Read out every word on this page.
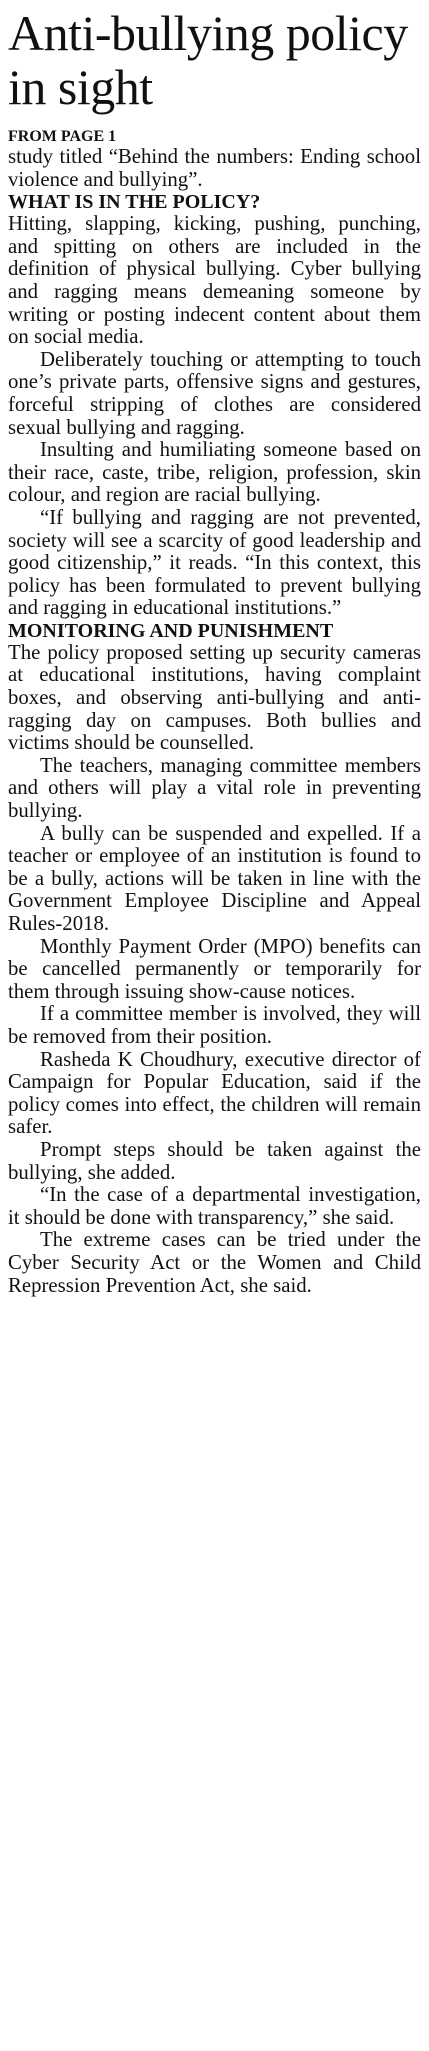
Anti-bullying policy in sight

FROM PAGE 1

study titled “Behind the numbers: Ending school violence and bullying”.

WHAT IS IN THE POLICY?

Hitting, slapping, kicking, pushing, punching, and spitting on others are included in the definition of physical bullying. Cyber bullying and ragging means demeaning someone by writing or posting indecent content about them on social media.

Deliberately touching or attempting to touch one’s private parts, offensive signs and gestures, forceful stripping of clothes are considered sexual bullying and ragging.

Insulting and humiliating someone based on their race, caste, tribe, religion, profession, skin colour, and region are racial bullying.

“If bullying and ragging are not prevented, society will see a scarcity of good leadership and good citizenship,” it reads. “In this context, this policy has been formulated to prevent bullying and ragging in educational institutions.”

MONITORING AND PUNISHMENT

The policy proposed setting up security cameras at educational institutions, having complaint boxes, and observing anti-bullying and anti-ragging day on campuses. Both bullies and victims should be counselled.

The teachers, managing committee members and others will play a vital role in preventing bullying.

A bully can be suspended and expelled. If a teacher or employee of an institution is found to be a bully, actions will be taken in line with the Government Employee Discipline and Appeal Rules-2018.

Monthly Payment Order (MPO) benefits can be cancelled permanently or temporarily for them through issuing show-cause notices.

If a committee member is involved, they will be removed from their position.

Rasheda K Choudhury, executive director of Campaign for Popular Education, said if the policy comes into effect, the children will remain safer.

Prompt steps should be taken against the bullying, she added.

“In the case of a departmental investigation, it should be done with transparency,” she said.

The extreme cases can be tried under the Cyber Security Act or the Women and Child Repression Prevention Act, she said.
